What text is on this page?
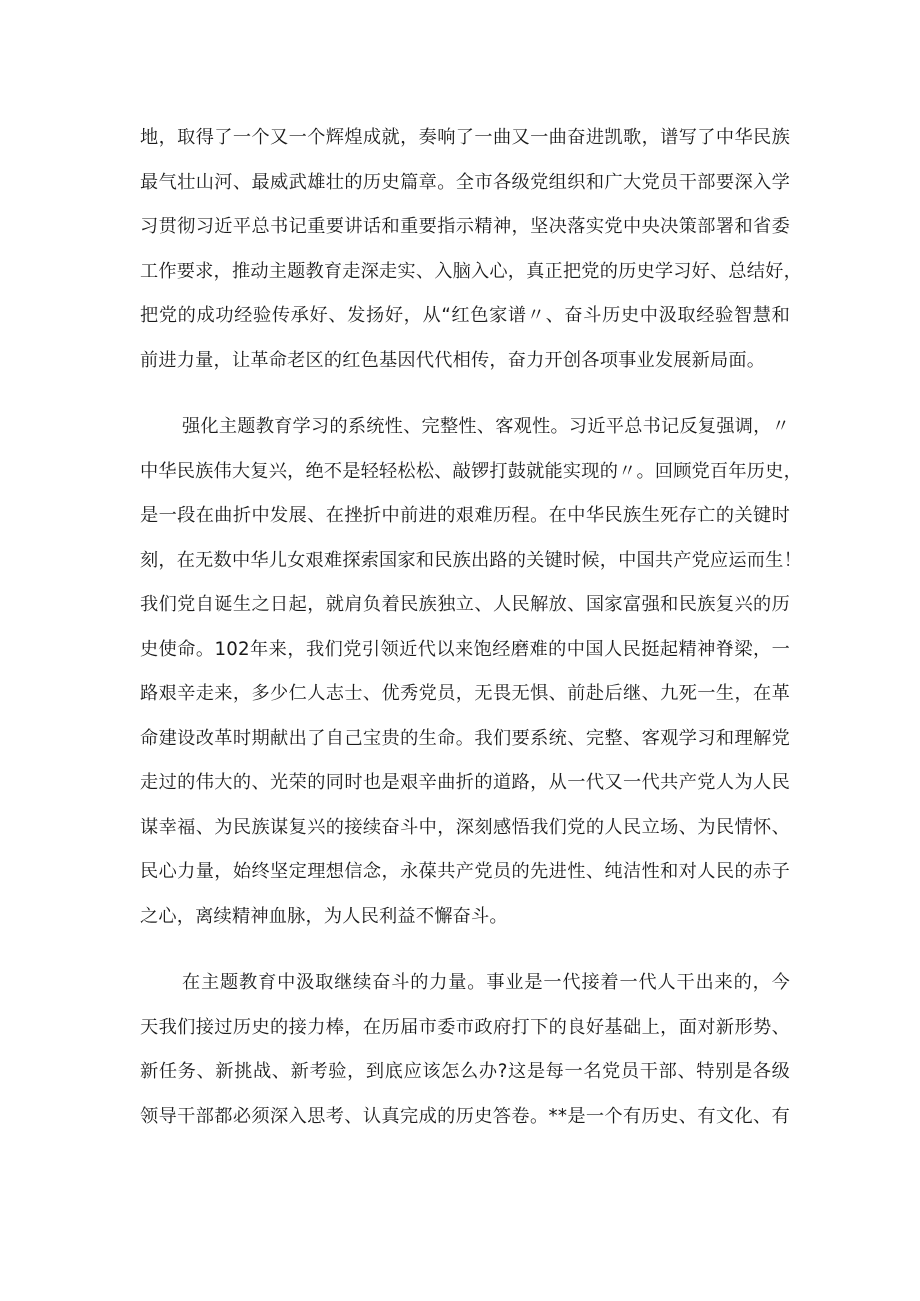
地，取得了一个又一个辉煌成就，奏响了一曲又一曲奋进凯歌，谱写了中华民族
最气壮山河、最威武雄壮的历史篇章。全市各级党组织和广大党员干部要深入学
习贯彻习近平总书记重要讲话和重要指示精神，坚决落实党中央决策部署和省委
工作要求，推动主题教育走深走实、入脑入心，真正把党的历史学习好、总结好，
把党的成功经验传承好、发扬好，从“红色家谱〃、奋斗历史中汲取经验智慧和
前进力量，让革命老区的红色基因代代相传，奋力开创各项事业发展新局面。
强化主题教育学习的系统性、完整性、客观性。习近平总书记反复强调，〃
中华民族伟大复兴，绝不是轻轻松松、敲锣打鼓就能实现的〃。回顾党百年历史，
是一段在曲折中发展、在挫折中前进的艰难历程。在中华民族生死存亡的关键时
刻，在无数中华儿女艰难探索国家和民族出路的关键时候，中国共产党应运而生！
我们党自诞生之日起，就肩负着民族独立、人民解放、国家富强和民族复兴的历
史使命。102年来，我们党引领近代以来饱经磨难的中国人民挺起精神脊梁，一
路艰辛走来，多少仁人志士、优秀党员，无畏无惧、前赴后继、九死一生，在革
命建设改革时期献出了自己宝贵的生命。我们要系统、完整、客观学习和理解党
走过的伟大的、光荣的同时也是艰辛曲折的道路，从一代又一代共产党人为人民
谋幸福、为民族谋复兴的接续奋斗中，深刻感悟我们党的人民立场、为民情怀、
民心力量，始终坚定理想信念，永葆共产党员的先进性、纯洁性和对人民的赤子
之心，离续精神血脉，为人民利益不懈奋斗。
在主题教育中汲取继续奋斗的力量。事业是一代接着一代人干出来的，今
天我们接过历史的接力棒，在历届市委市政府打下的良好基础上，面对新形势、
新任务、新挑战、新考验，到底应该怎么办?这是每一名党员干部、特别是各级
领导干部都必须深入思考、认真完成的历史答卷。**是一个有历史、有文化、有
